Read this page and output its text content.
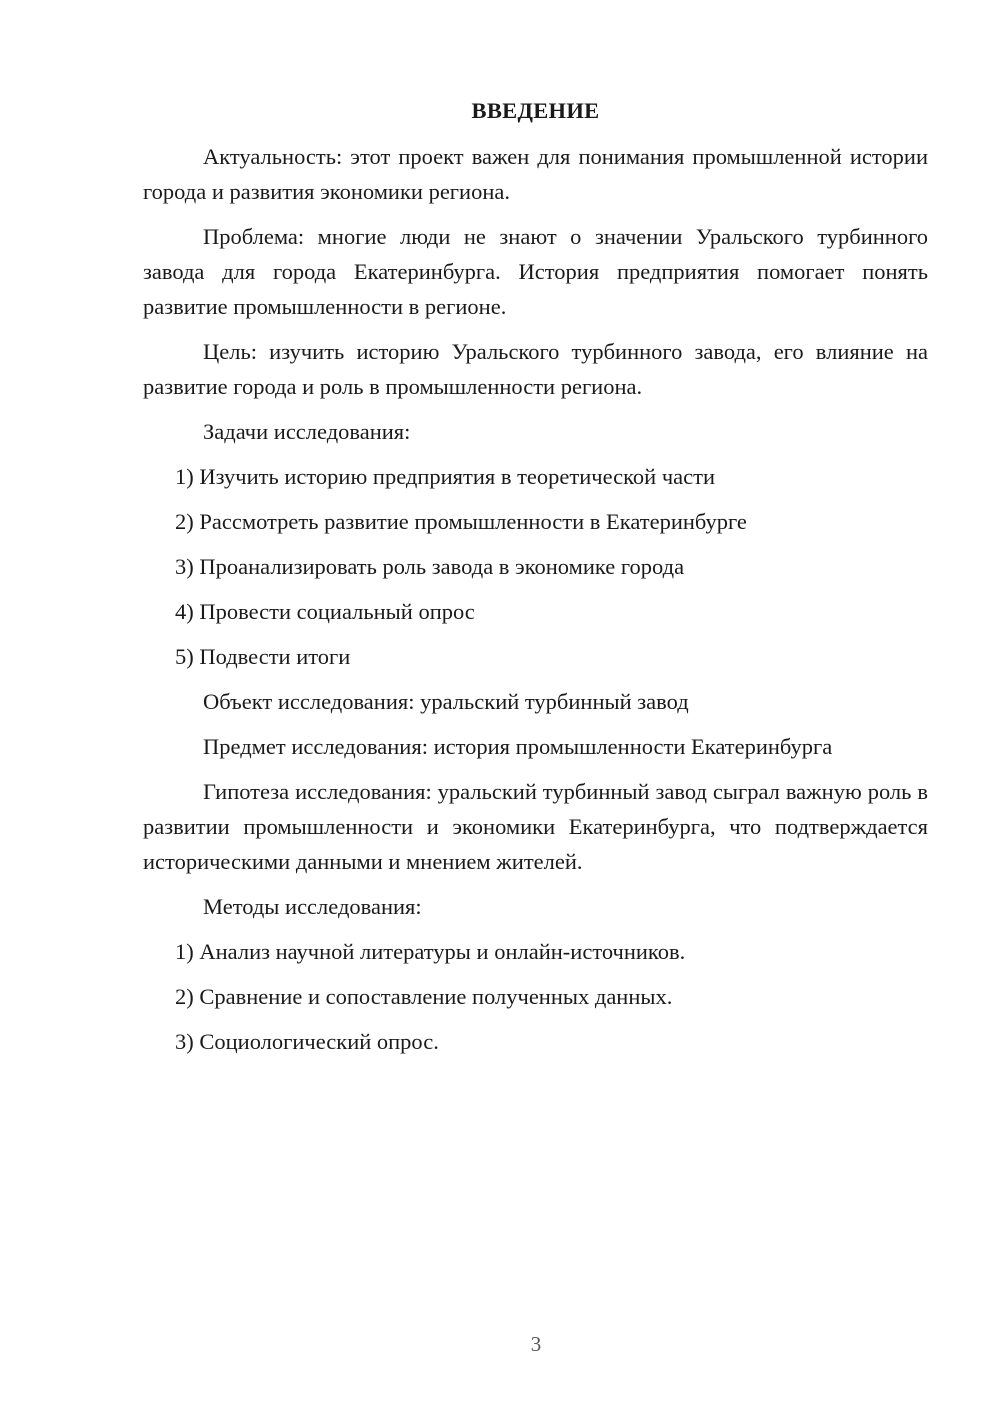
ВВЕДЕНИЕ

Актуальность: этот проект важен для понимания промышленной истории города и развития экономики региона.

Проблема: многие люди не знают о значении Уральского турбинного завода для города Екатеринбурга. История предприятия помогает понять развитие промышленности в регионе.

Цель: изучить историю Уральского турбинного завода, его влияние на развитие города и роль в промышленности региона.

Задачи исследования:

1) Изучить историю предприятия в теоретической части
2) Рассмотреть развитие промышленности в Екатеринбурге
3) Проанализировать роль завода в экономике города
4) Провести социальный опрос
5) Подвести итоги

Объект исследования: уральский турбинный завод

Предмет исследования: история промышленности Екатеринбурга

Гипотеза исследования: уральский турбинный завод сыграл важную роль в развитии промышленности и экономики Екатеринбурга, что подтверждается историческими данными и мнением жителей.

Методы исследования:

1) Анализ научной литературы и онлайн-источников.
2) Сравнение и сопоставление полученных данных.
3) Социологический опрос.
3
